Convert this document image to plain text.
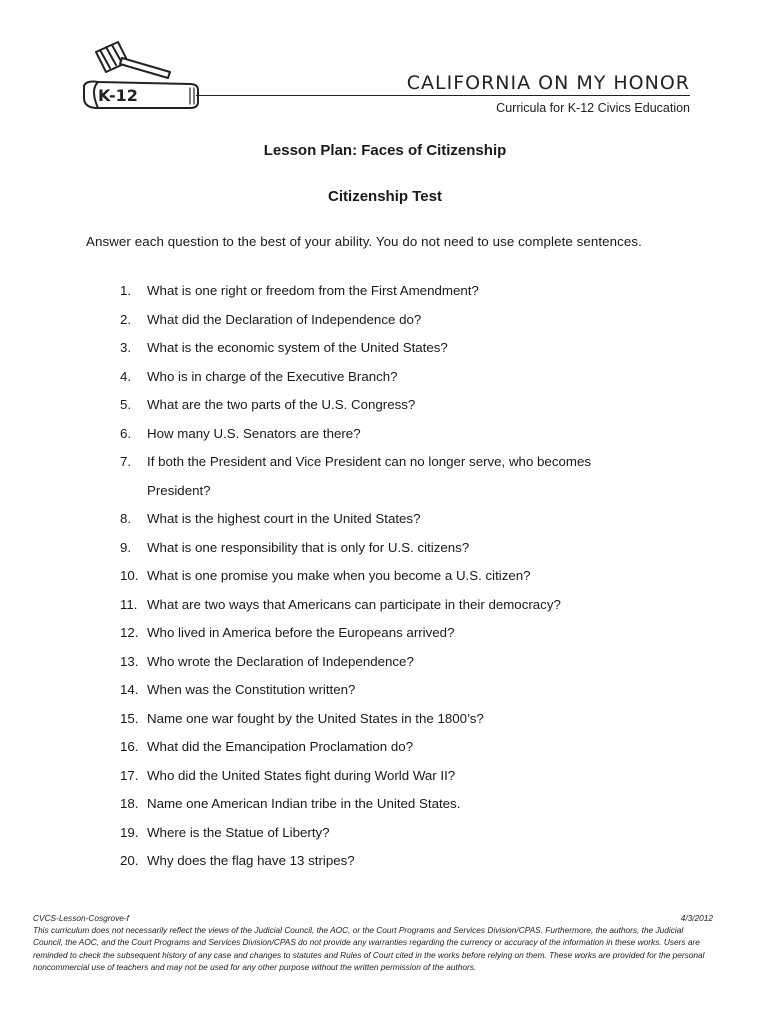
K-12
CALIFORNIA ON MY HONOR
Curricula for K-12 Civics Education
Lesson Plan: Faces of Citizenship
Citizenship Test
Answer each question to the best of your ability. You do not need to use complete sentences.
1.	What is one right or freedom from the First Amendment?
2.	What did the Declaration of Independence do?
3.	What is the economic system of the United States?
4.	Who is in charge of the Executive Branch?
5.	What are the two parts of the U.S. Congress?
6.	How many U.S. Senators are there?
7.	If both the President and Vice President can no longer serve, who becomes President?
8.	What is the highest court in the United States?
9.	What is one responsibility that is only for U.S. citizens?
10. What is one promise you make when you become a U.S. citizen?
11. What are two ways that Americans can participate in their democracy?
12. Who lived in America before the Europeans arrived?
13. Who wrote the Declaration of Independence?
14. When was the Constitution written?
15. Name one war fought by the United States in the 1800’s?
16. What did the Emancipation Proclamation do?
17. Who did the United States fight during World War II?
18. Name one American Indian tribe in the United States.
19. Where is the Statue of Liberty?
20. Why does the flag have 13 stripes?
CVCS-Lesson-Cosgrove-f	4/3/2012
This curriculum does not necessarily reflect the views of the Judicial Council, the AOC, or the Court Programs and Services Division/CPAS. Furthermore, the authors, the Judicial Council, the AOC, and the Court Programs and Services Division/CPAS do not provide any warranties regarding the currency or accuracy of the information in these works. Users are reminded to check the subsequent history of any case and changes to statutes and Rules of Court cited in the works before relying on them. These works are provided for the personal noncommercial use of teachers and may not be used for any other purpose without the written permission of the authors.
